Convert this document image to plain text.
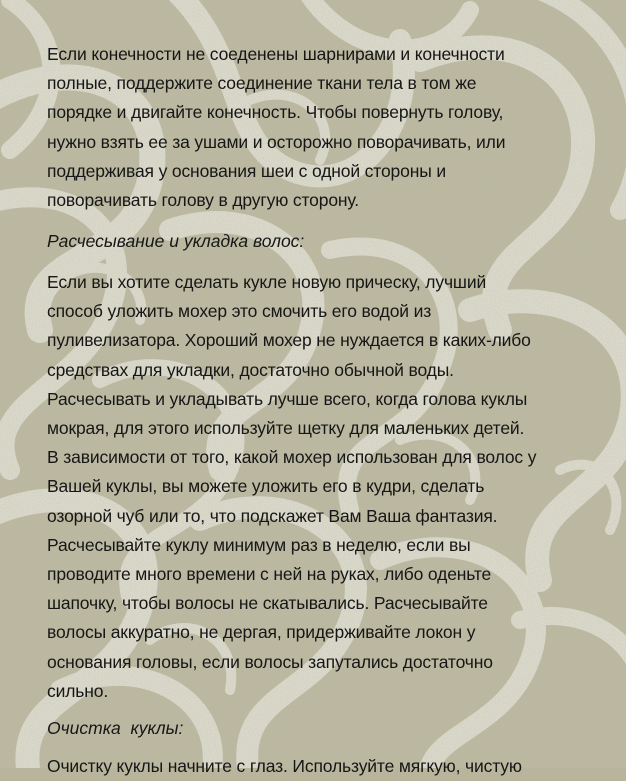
Если конечности не соеденены шарнирами и конечности
полные, поддержите соединение ткани тела в том же
порядке и двигайте конечность. Чтобы повернуть голову,
нужно взять ее за ушами и осторожно поворачивать, или
поддерживая у основания шеи с одной стороны и
поворачивать голову в другую сторону.
Расчесывание и укладка волос:
Если вы хотите сделать кукле новую прическу, лучший
способ уложить мохер это смочить его водой из
пуливелизатора. Хороший мохер не нуждается в каких-либо
средствах для укладки, достаточно обычной воды.
Расчесывать и укладывать лучше всего, когда голова куклы
мокрая, для этого используйте щетку для маленьких детей.
В зависимости от того, какой мохер использован для волос у
Вашей куклы, вы можете уложить его в кудри, сделать
озорной чуб или то, что подскажет Вам Ваша фантазия.
Расчесывайте куклу минимум раз в неделю, если вы
проводите много времени с ней на руках, либо оденьте
шапочку, чтобы волосы не скатывались. Расчесывайте
волосы аккуратно, не дергая, придерживайте локон у
основания головы, если волосы запутались достаточно
сильно.
Очистка  куклы:
Очистку куклы начните с глаз. Используйте мягкую, чистую
